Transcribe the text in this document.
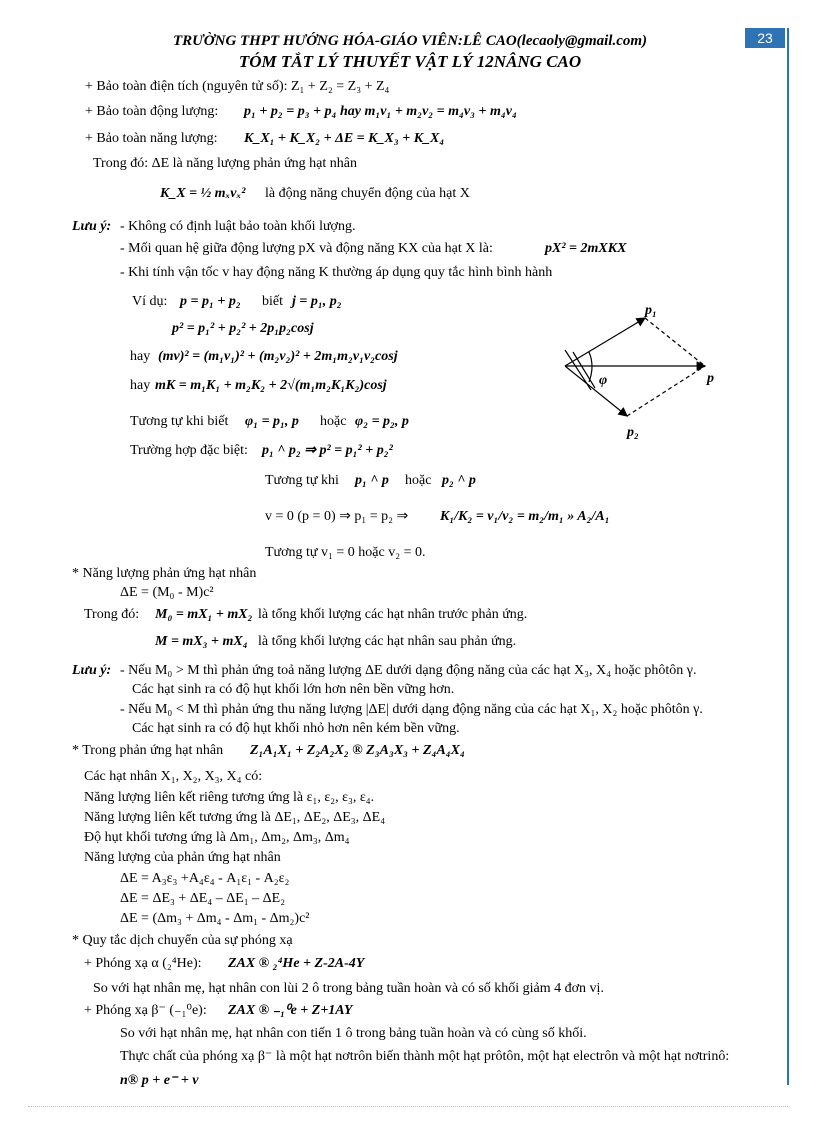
23
TRƯỜNG THPT HƯỚNG HÓA-GIÁO VIÊN:LÊ CAO(lecaoly@gmail.com)
TÓM TẮT LÝ THUYẾT VẬT LÝ 12NÂNG CAO
+ Bảo toàn điện tích (nguyên tử số): Z₁ + Z₂ = Z₃ + Z₄
+ Bảo toàn động lượng: p₁ + p₂ = p₃ + p₄ hay m₁v₁ + m₂v₂ = m₄v₃ + m₄v₄
+ Bảo toàn năng lượng: K_X₁ + K_X₂ + ΔE = K_X₃ + K_X₄
Trong đó: ΔE là năng lượng phản ứng hạt nhân
K_X = ½ mₓvₓ² là động năng chuyển động của hạt X
Lưu ý: - Không có định luật bảo toàn khối lượng.
- Mối quan hệ giữa động lượng pX và động năng KX của hạt X là:	pX² = 2mXKX
- Khi tính vận tốc v hay động năng K thường áp dụng quy tắc hình bình hành
Ví dụ: p = p₁ + p₂ biết j = p₁, p₂
p² = p₁² + p₂² + 2p₁p₂cosj
hay (mv)² = (m₁v₁)² + (m₂v₂)² + 2m₁m₂v₁v₂cosj
hay mK = m₁K₁ + m₂K₂ + 2√(m₁m₂K₁K₂)cosj
Tương tự khi biết φ₁ = p₁, p hoặc φ₂ = p₂, p
Trường hợp đặc biệt: p₁ ^ p₂ ⇒ p² = p₁² + p₂²
Tương tự khi p₁ ^ p hoặc p₂ ^ p
v = 0 (p = 0) ⇒ p₁ = p₂ ⇒ K₁/K₂ = v₁/v₂ = m₂/m₁ » A₂/A₁
Tương tự v₁ = 0 hoặc v₂ = 0.
* Năng lượng phản ứng hạt nhân
ΔE = (M₀ - M)c²
Trong đó: M₀ = mX₁ + mX₂ là tổng khối lượng các hạt nhân trước phản ứng.
M = mX₃ + mX₄ là tổng khối lượng các hạt nhân sau phản ứng.
Lưu ý: - Nếu M₀ > M thì phản ứng toả năng lượng ΔE dưới dạng động năng của các hạt X₃, X₄ hoặc phôtôn γ.
Các hạt sinh ra có độ hụt khối lớn hơn nên bền vững hơn.
- Nếu M₀ < M thì phản ứng thu năng lượng |ΔE| dưới dạng động năng của các hạt X₁, X₂ hoặc phôtôn γ.
Các hạt sinh ra có độ hụt khối nhỏ hơn nên kém bền vững.
* Trong phản ứng hạt nhân Z₁A₁X₁ + Z₂A₂X₂ ® Z₃A₃X₃ + Z₄A₄X₄
Các hạt nhân X₁, X₂, X₃, X₄ có:
Năng lượng liên kết riêng tương ứng là ε₁, ε₂, ε₃, ε₄.
Năng lượng liên kết tương ứng là ΔE₁, ΔE₂, ΔE₃, ΔE₄
Độ hụt khối tương ứng là Δm₁, Δm₂, Δm₃, Δm₄
Năng lượng của phản ứng hạt nhân
ΔE = A₃ε₃ +A₄ε₄ - A₁ε₁ - A₂ε₂
ΔE = ΔE₃ + ΔE₄ – ΔE₁ – ΔE₂
ΔE = (Δm₃ + Δm₄ - Δm₁ - Δm₂)c²
* Quy tắc dịch chuyển của sự phóng xạ
+ Phóng xạ α (₂⁴He): ZAX ® ₂⁴He + Z-2A-4Y
So với hạt nhân mẹ, hạt nhân con lùi 2 ô trong bảng tuần hoàn và có số khối giảm 4 đơn vị.
+ Phóng xạ β⁻ (₋₁⁰e): ZAX ® ₋₁⁰e + Z+1AY
So với hạt nhân mẹ, hạt nhân con tiến 1 ô trong bảng tuần hoàn và có cùng số khối.
Thực chất của phóng xạ β⁻ là một hạt nơtrôn biến thành một hạt prôtôn, một hạt electrôn và một hạt nơtrinô:
n® p + e⁻ + ν
p₁
p
p₂
φ
